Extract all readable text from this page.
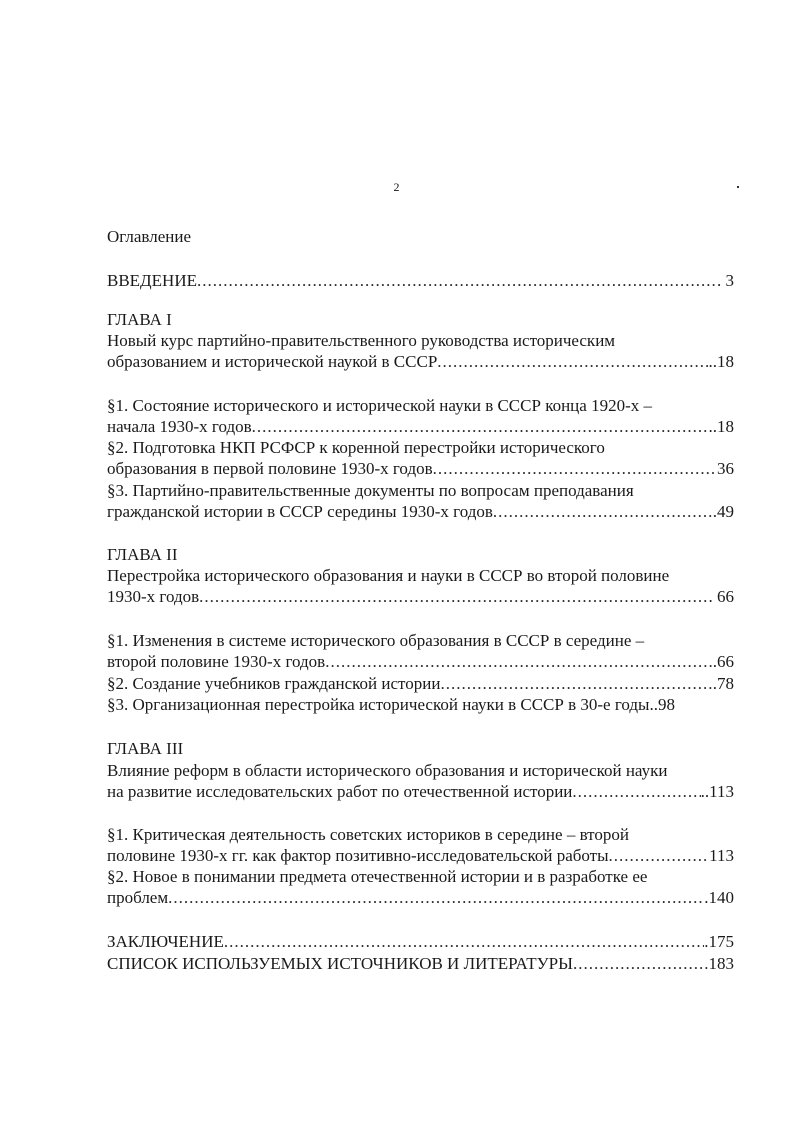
2
Оглавление
ВВЕДЕНИЕ .....	. 3
ГЛАВА I
Новый курс партийно-правительственного руководства историческим
образованием и исторической наукой в СССР .....	..18
§1. Состояние исторического и исторической науки в СССР конца 1920-х –
начала 1930-х годов .....	..18
§2. Подготовка НКП РСФСР к коренной перестройки исторического
образования в первой половине 1930-х годов .....	36
§3. Партийно-правительственные документы по вопросам преподавания
гражданской истории в СССР середины 1930-х годов .....	.49
ГЛАВА II
Перестройка исторического образования и науки в СССР во второй половине
1930-х годов .....	. 66
§1. Изменения в системе исторического образования в СССР в середине –
второй половине 1930-х годов .....	.66
§2. Создание учебников гражданской истории .....	.78
§3. Организационная перестройка исторической науки в СССР в 30-е годы..98
ГЛАВА III
Влияние реформ в области исторического образования и исторической науки
на развитие исследовательских работ по отечественной истории .....	..113
§1. Критическая деятельность советских историков в середине – второй
половине 1930-х гг. как фактор позитивно-исследовательской работы .....	113
§2. Новое в понимании предмета отечественной истории и в разработке ее
проблем .....	.140
ЗАКЛЮЧЕНИЕ .....	.175
СПИСОК ИСПОЛЬЗУЕМЫХ ИСТОЧНИКОВ И ЛИТЕРАТУРЫ .....	183
